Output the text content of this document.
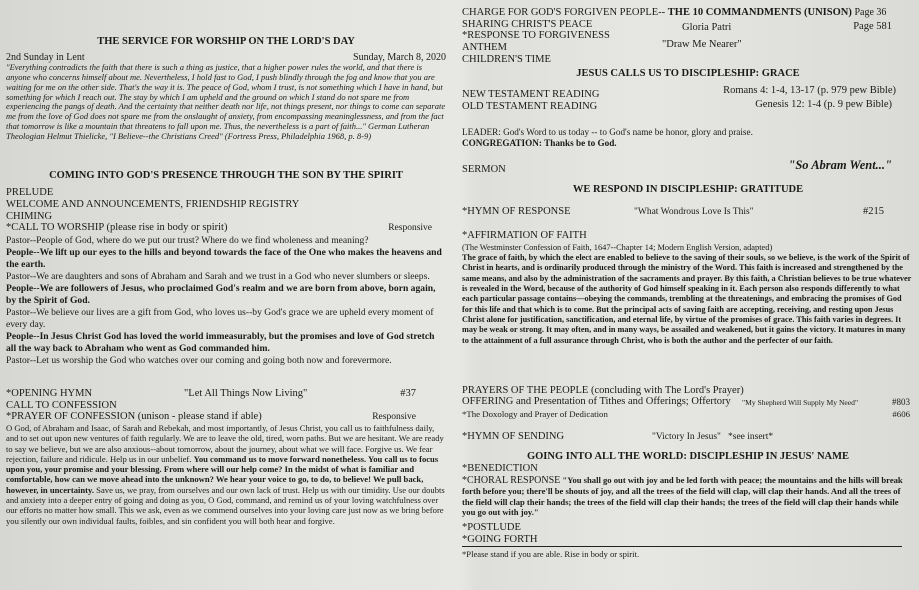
THE SERVICE FOR WORSHIP ON THE LORD'S DAY
2nd Sunday in Lent	Sunday, March 8, 2020
"Everything contradicts the faith that there is such a thing as justice, that a higher power rules the world, and that there is anyone who concerns himself about me. Nevertheless, I hold fast to God, I push blindly through the fog and know that you are waiting for me on the other side. That's the way it is. The peace of God, whom I trust, is not something which I have in hand, but something for which I reach out. The stay by which I am upheld and the ground on which I stand do not spare me from experiencing the pangs of death. And the certainty that neither death nor life, not things present, nor things to come can separate me from the love of God does not spare me from the onslaught of anxiety, from encompassing meaninglessness, and from the fact that tomorrow is like a mountain that threatens to fall upon me. Thus, the nevertheless is a part of faith..." German Lutheran Theologian Helmut Thielicke, "I Believe--the Christians Creed" (Fortress Press, Philadelphia 1968, p. 8-9)
COMING INTO GOD'S PRESENCE THROUGH THE SON BY THE SPIRIT
PRELUDE
WELCOME AND ANNOUNCEMENTS, FRIENDSHIP REGISTRY
CHIMING
*CALL TO WORSHIP (please rise in body or spirit)	Responsive
Pastor--People of God, where do we put our trust? Where do we find wholeness and meaning?
People--We lift up our eyes to the hills and beyond towards the face of the One who makes the heavens and the earth.
Pastor--We are daughters and sons of Abraham and Sarah and we trust in a God who never slumbers or sleeps.
People--We are followers of Jesus, who proclaimed God's realm and we are born from above, born again, by the Spirit of God.
Pastor--We believe our lives are a gift from God, who loves us--by God's grace we are upheld every moment of every day.
People--In Jesus Christ God has loved the world immeasurably, but the promises and love of God stretch all the way back to Abraham who went as God commanded him.
Pastor--Let us worship the God who watches over our coming and going both now and forevermore.
*OPENING HYMN	"Let All Things Now Living"	#37
CALL TO CONFESSION
*PRAYER OF CONFESSION (unison - please stand if able)	Responsive
O God, of Abraham and Isaac, of Sarah and Rebekah, and most importantly, of Jesus Christ, you call us to faithfulness daily, and to set out upon new ventures of faith regularly. We are to leave the old, tired, worn paths. But we are hesitant. We are ready to say we believe, but we are also anxious--about tomorrow, about the journey, about what we will face. Forgive us. We fear rejection, failure and ridicule. Help us in our unbelief. You command us to move forward nonetheless. You call us to focus upon you, your promise and your blessing. From where will our help come? In the midst of what is familiar and comfortable, how can we move ahead into the unknown? We hear your voice to go, to do, to believe! We pull back, however, in uncertainty. Save us, we pray, from ourselves and our own lack of trust. Help us with our timidity. Use our doubts and anxiety into a deeper entry of going and doing as you, O God, command, and remind us of your loving watchfulness over our efforts no matter how small. This we ask, even as we commend ourselves into your loving care just now as we bring before you silently our own individual faults, foibles, and sin confident you will both hear and forgive.
CHARGE FOR GOD'S FORGIVEN PEOPLE-- THE 10 COMMANDMENTS (UNISON) Page 36
SHARING CHRIST'S PEACE
*RESPONSE TO FORGIVENESS
Gloria Patri	Page 581
ANTHEM	"Draw Me Nearer"
CHILDREN'S TIME
JESUS CALLS US TO DISCIPLESHIP: GRACE
NEW TESTAMENT READING	Romans 4: 1-4, 13-17 (p. 979 pew Bible)
OLD TESTAMENT READING	Genesis 12: 1-4 (p. 9 pew Bible)
LEADER: God's Word to us today -- to God's name be honor, glory and praise.
CONGREGATION: Thanks be to God.
SERMON	"So Abram Went..."
WE RESPOND IN DISCIPLESHIP: GRATITUDE
*HYMN OF RESPONSE	"What Wondrous Love Is This"	#215
*AFFIRMATION OF FAITH
(The Westminster Confession of Faith, 1647--Chapter 14; Modern English Version, adapted)
The grace of faith, by which the elect are enabled to believe to the saving of their souls, so we believe, is the work of the Spirit of Christ in hearts, and is ordinarily produced through the ministry of the Word. This faith is increased and strengthened by the same means, and also by the administration of the sacraments and prayer. By this faith, a Christian believes to be true whatever is revealed in the Word, because of the authority of God himself speaking in it. Each person also responds differently to what each particular passage contains—obeying the commands, trembling at the threatenings, and embracing the promises of God for this life and that which is to come. But the principal acts of saving faith are accepting, receiving, and resting upon Jesus Christ alone for justification, sanctification, and eternal life, by virtue of the promises of grace. This faith varies in degrees. It may be weak or strong. It may often, and in many ways, be assailed and weakened, but it gains the victory. It matures in many to the attainment of a full assurance through Christ, who is both the author and the perfecter of our faith.
PRAYERS OF THE PEOPLE (concluding with The Lord's Prayer)
OFFERING and Presentation of Tithes and Offerings; Offertory "My Shepherd Will Supply My Need"	#803
*The Doxology and Prayer of Dedication	#606
*HYMN OF SENDING	"Victory In Jesus" *see insert*
GOING INTO ALL THE WORLD: DISCIPLESHIP IN JESUS' NAME
*BENEDICTION
*CHORAL RESPONSE "You shall go out with joy and be led forth with peace; the mountains and the hills will break forth before you; there'll be shouts of joy, and all the trees of the field will clap, will clap their hands. And all the trees of the field will clap their hands; the trees of the field will clap their hands; the trees of the field will clap their hands while you go out with joy."
*POSTLUDE
*GOING FORTH
*Please stand if you are able. Rise in body or spirit.
